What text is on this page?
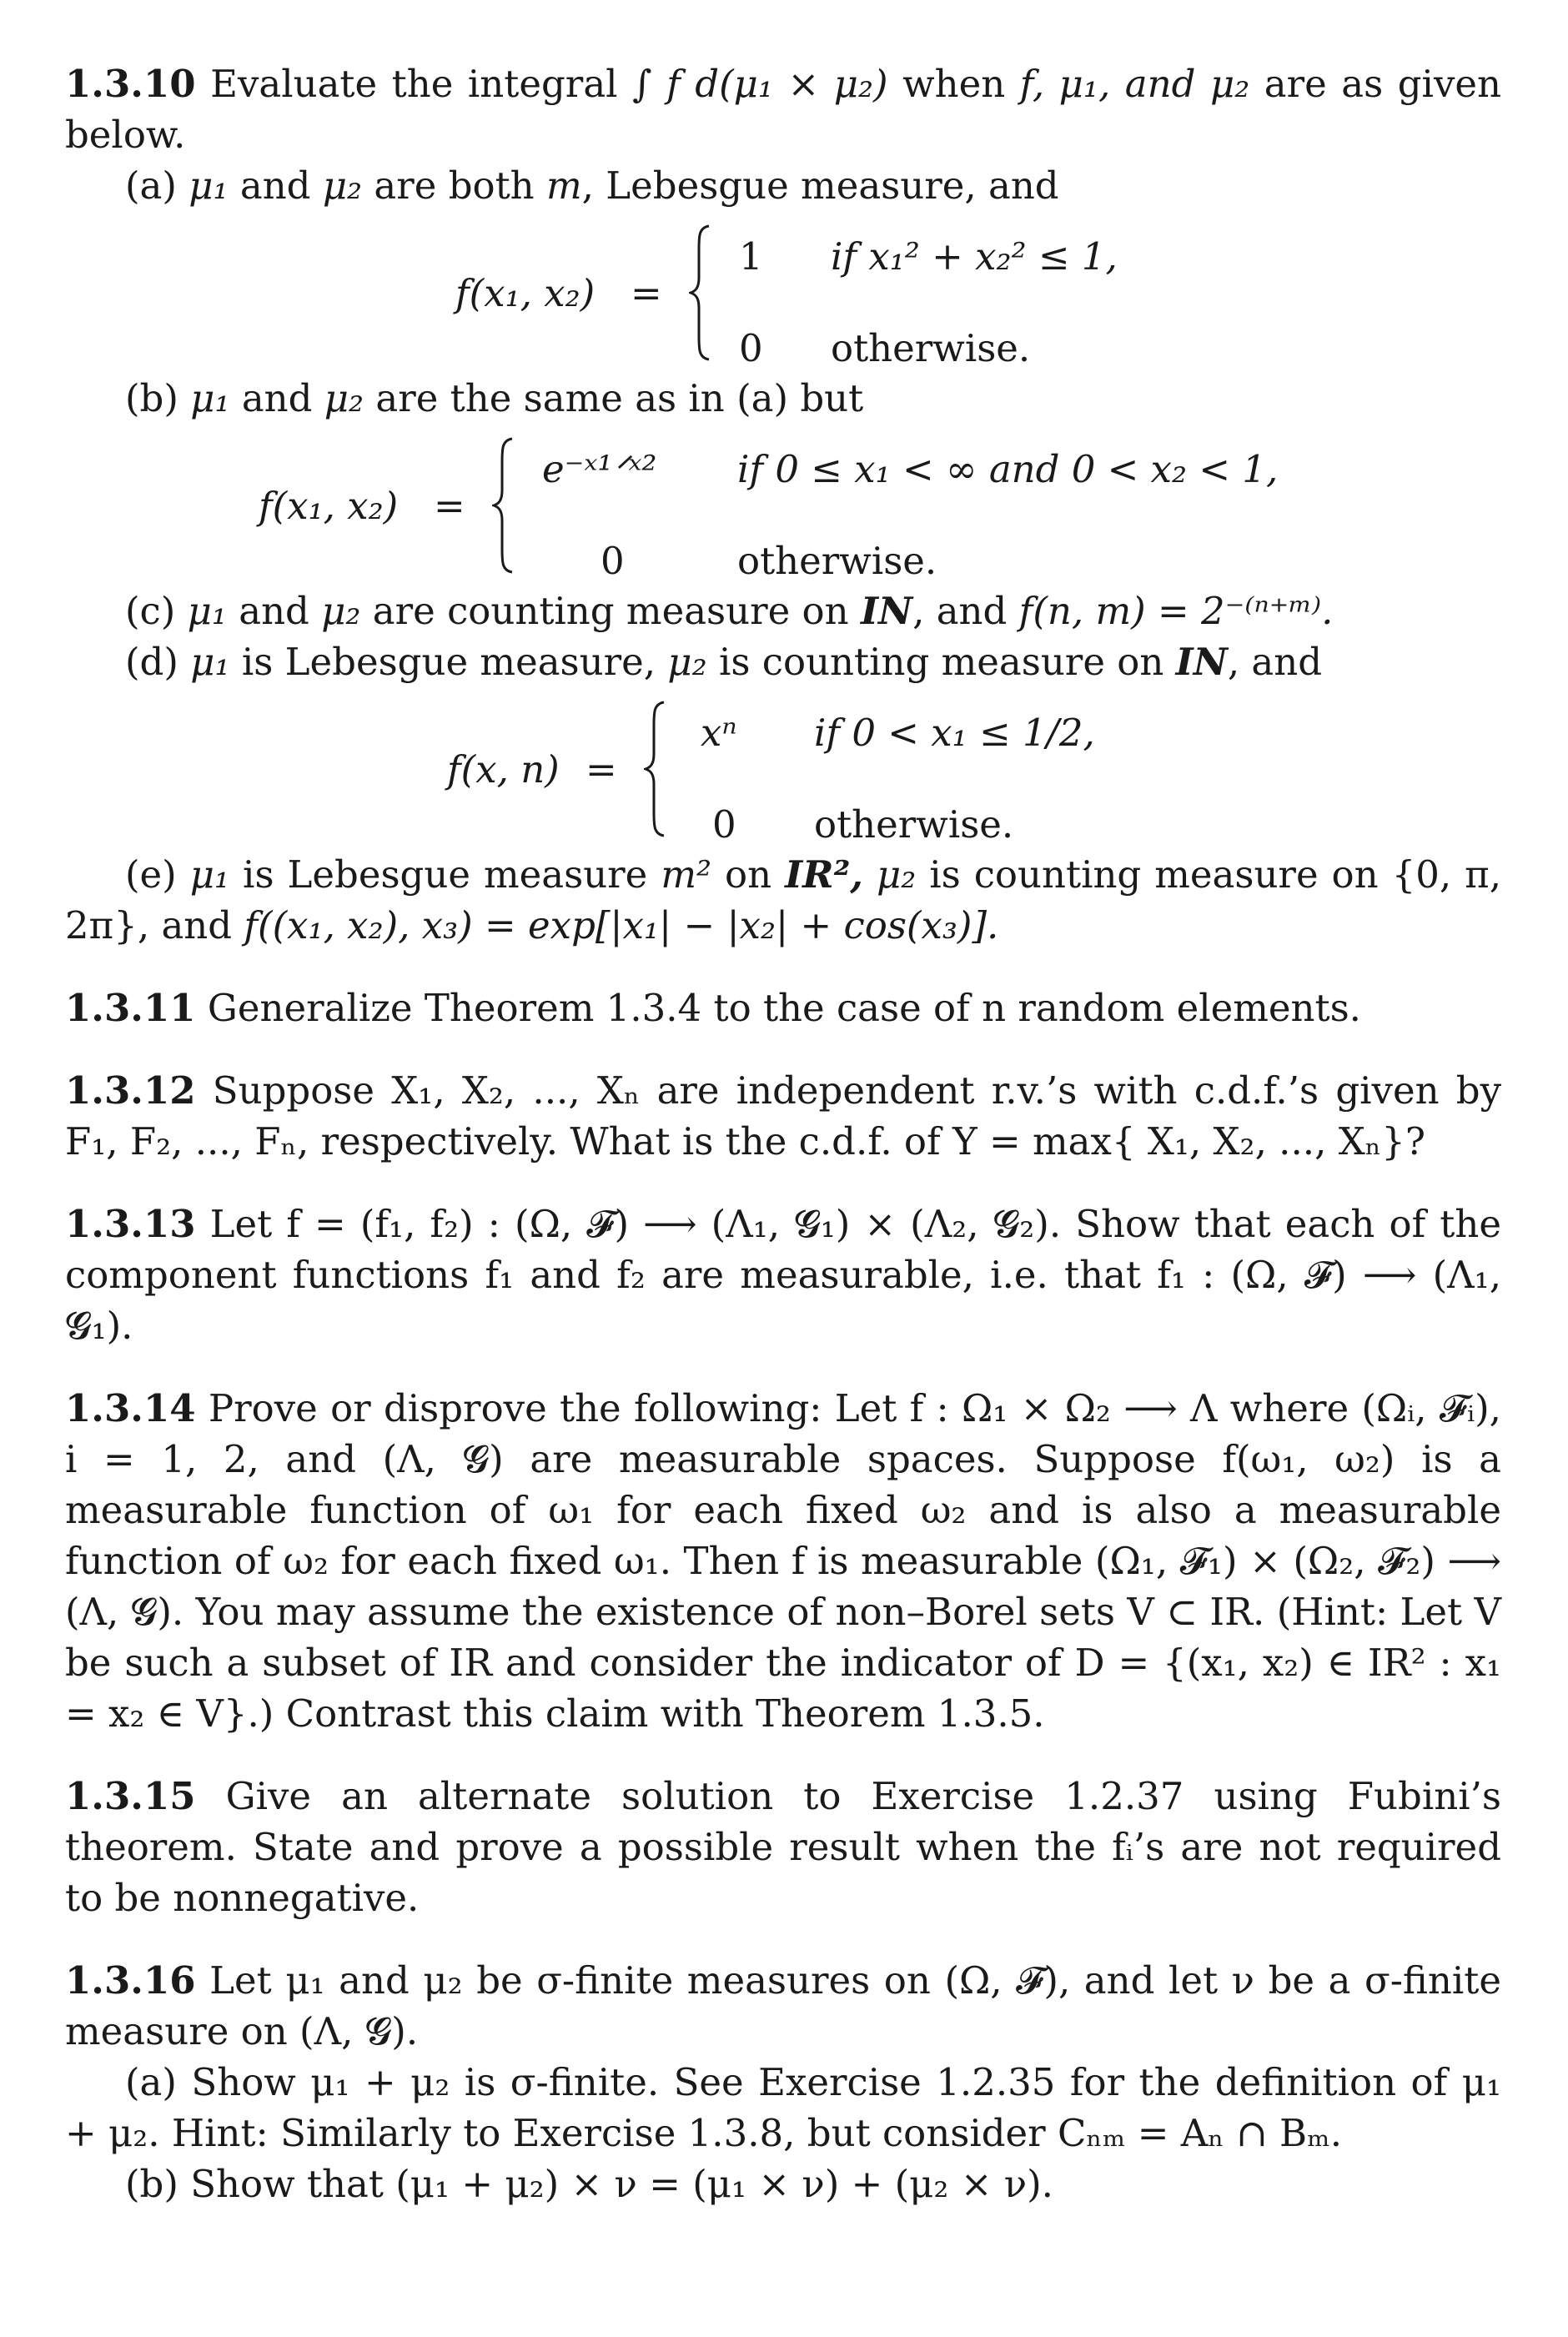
1.3.10 Evaluate the integral ∫ f d(μ₁ × μ₂) when f, μ₁, and μ₂ are as given below.

(a) μ₁ and μ₂ are both m, Lebesgue measure, and

f(x₁, x₂) =
1 if x₁² + x₂² ≤ 1,
0 otherwise.

(b) μ₁ and μ₂ are the same as in (a) but

f(x₁, x₂) =
e⁻ˣ¹ᐟˣ² if 0 ≤ x₁ < ∞ and 0 < x₂ < 1,
0	otherwise.

(c) μ₁ and μ₂ are counting measure on IN, and f(n, m) = 2⁻⁽ⁿ⁺ᵐ⁾.

(d) μ₁ is Lebesgue measure, μ₂ is counting measure on IN, and

f(x, n) =
xⁿ if 0 < x₁ ≤ 1/2,
0 otherwise.

(e) μ₁ is Lebesgue measure m² on IR², μ₂ is counting measure on {0, π, 2π}, and f((x₁, x₂), x₃) = exp[|x₁| − |x₂| + cos(x₃)].

1.3.11 Generalize Theorem 1.3.4 to the case of n random elements.

1.3.12 Suppose X₁, X₂, ..., Xₙ are independent r.v.’s with c.d.f.’s given by F₁, F₂, ..., Fₙ, respectively. What is the c.d.f. of Y = max{ X₁, X₂, ..., Xₙ}?

1.3.13 Let f = (f₁, f₂) : (Ω, 𝓕) ⟶ (Λ₁, 𝓖₁) × (Λ₂, 𝓖₂). Show that each of the component functions f₁ and f₂ are measurable, i.e. that f₁ : (Ω, 𝓕) ⟶ (Λ₁, 𝓖₁).

1.3.14 Prove or disprove the following: Let f : Ω₁ × Ω₂ ⟶ Λ where (Ωᵢ, 𝓕ᵢ), i = 1, 2, and (Λ, 𝓖) are measurable spaces. Suppose f(ω₁, ω₂) is a measurable function of ω₁ for each fixed ω₂ and is also a measurable function of ω₂ for each fixed ω₁. Then f is measurable (Ω₁, 𝓕₁) × (Ω₂, 𝓕₂) ⟶ (Λ, 𝓖). You may assume the existence of non–Borel sets V ⊂ IR. (Hint: Let V be such a subset of IR and consider the indicator of D = {(x₁, x₂) ∈ IR² : x₁ = x₂ ∈ V}.) Contrast this claim with Theorem 1.3.5.

1.3.15 Give an alternate solution to Exercise 1.2.37 using Fubini’s theorem. State and prove a possible result when the fᵢ’s are not required to be nonnegative.

1.3.16 Let μ₁ and μ₂ be σ-finite measures on (Ω, 𝓕), and let ν be a σ-finite measure on (Λ, 𝓖).

(a) Show μ₁ + μ₂ is σ-finite. See Exercise 1.2.35 for the definition of μ₁ + μ₂. Hint: Similarly to Exercise 1.3.8, but consider Cₙₘ = Aₙ ∩ Bₘ.

(b) Show that (μ₁ + μ₂) × ν = (μ₁ × ν) + (μ₂ × ν).
